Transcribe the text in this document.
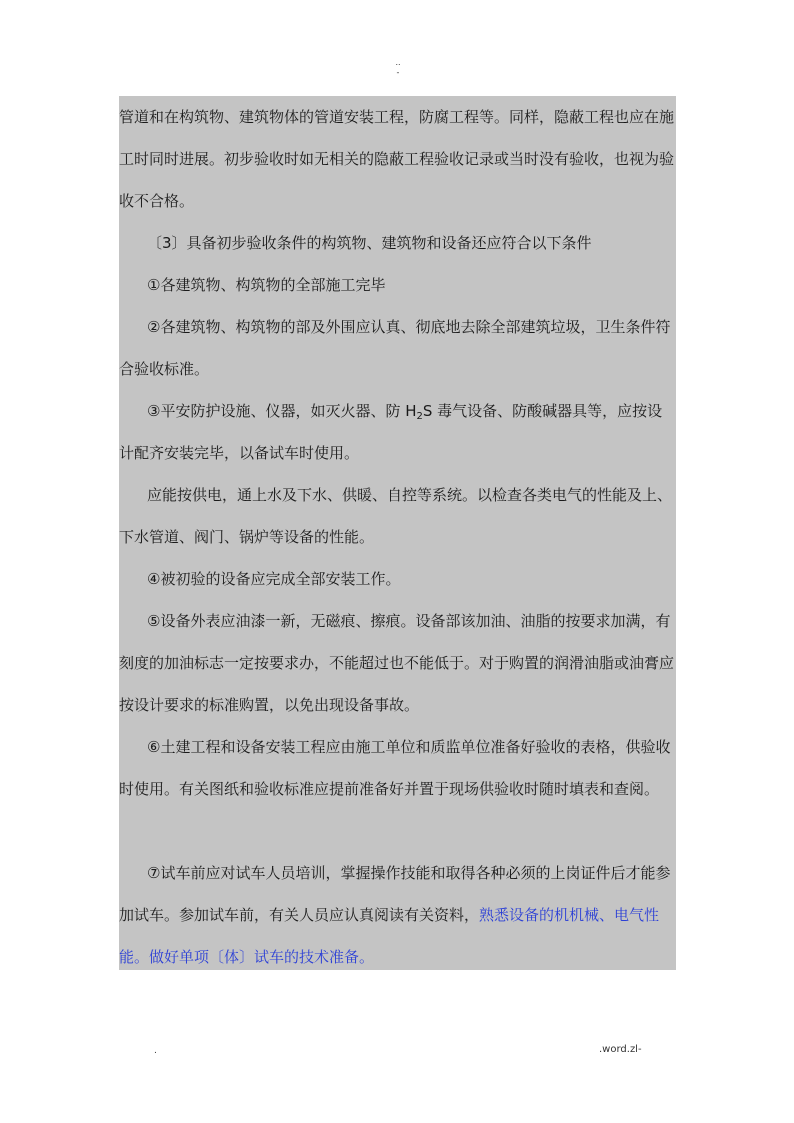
..
-

管道和在构筑物、建筑物体的管道安装工程，防腐工程等。同样，隐蔽工程也应在施工时同时进展。初步验收时如无相关的隐蔽工程验收记录或当时没有验收，也视为验收不合格。

〔3〕具备初步验收条件的构筑物、建筑物和设备还应符合以下条件

①各建筑物、构筑物的全部施工完毕

②各建筑物、构筑物的部及外围应认真、彻底地去除全部建筑垃圾，卫生条件符合验收标准。

③平安防护设施、仪器，如灭火器、防 $H_2S$ 毒气设备、防酸碱器具等，应按设计配齐安装完毕，以备试车时使用。

应能按供电，通上水及下水、供暖、自控等系统。以检查各类电气的性能及上、下水管道、阀门、锅炉等设备的性能。

④被初验的设备应完成全部安装工作。

⑤设备外表应油漆一新，无磁痕、擦痕。设备部该加油、油脂的按要求加满，有刻度的加油标志一定按要求办，不能超过也不能低于。对于购置的润滑油脂或油膏应按设计要求的标准购置，以免出现设备事故。

⑥土建工程和设备安装工程应由施工单位和质监单位准备好验收的表格，供验收时使用。有关图纸和验收标准应提前准备好并置于现场供验收时随时填表和查阅。

⑦试车前应对试车人员培训，掌握操作技能和取得各种必须的上岗证件后才能参加试车。参加试车前，有关人员应认真阅读有关资料，熟悉设备的机机械、电气性能。做好单项〔体〕试车的技术准备。

.	.word.zl-
